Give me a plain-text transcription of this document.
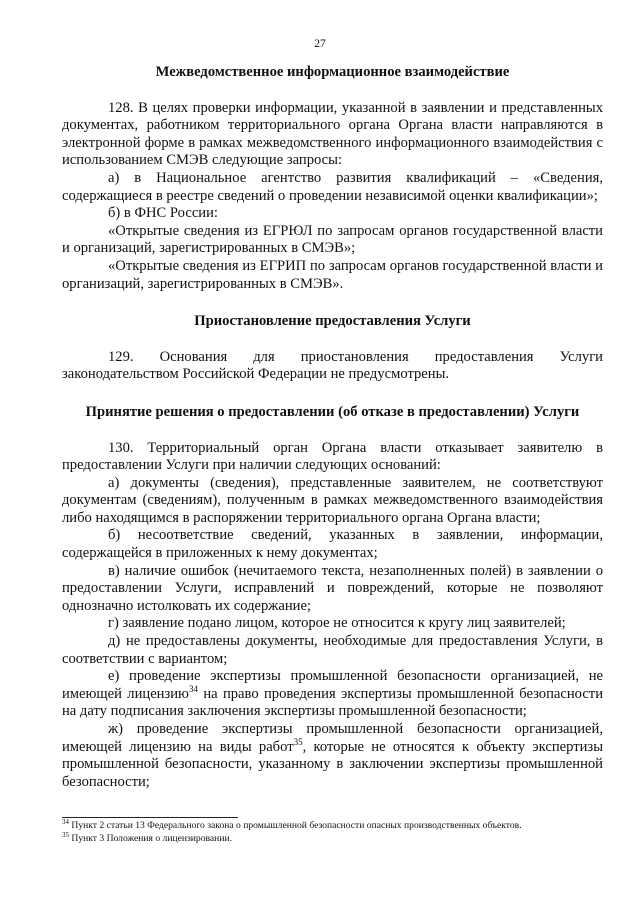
27

Межведомственное информационное взаимодействие

128. В целях проверки информации, указанной в заявлении и представленных документах, работником территориального органа Органа власти направляются в электронной форме в рамках межведомственного информационного взаимодействия с использованием СМЭВ следующие запросы:

а) в Национальное агентство развития квалификаций – «Сведения, содержащиеся в реестре сведений о проведении независимой оценки квалификации»;

б) в ФНС России:

«Открытые сведения из ЕГРЮЛ по запросам органов государственной власти и организаций, зарегистрированных в СМЭВ»;

«Открытые сведения из ЕГРИП по запросам органов государственной власти и организаций, зарегистрированных в СМЭВ».

Приостановление предоставления Услуги

129. Основания для приостановления предоставления Услуги законодательством Российской Федерации не предусмотрены.

Принятие решения о предоставлении (об отказе в предоставлении) Услуги

130. Территориальный орган Органа власти отказывает заявителю в предоставлении Услуги при наличии следующих оснований:

а) документы (сведения), представленные заявителем, не соответствуют документам (сведениям), полученным в рамках межведомственного взаимодействия либо находящимся в распоряжении территориального органа Органа власти;

б) несоответствие сведений, указанных в заявлении, информации, содержащейся в приложенных к нему документах;

в) наличие ошибок (нечитаемого текста, незаполненных полей) в заявлении о предоставлении Услуги, исправлений и повреждений, которые не позволяют однозначно истолковать их содержание;

г) заявление подано лицом, которое не относится к кругу лиц заявителей;

д) не предоставлены документы, необходимые для предоставления Услуги, в соответствии с вариантом;

е) проведение экспертизы промышленной безопасности организацией, не имеющей лицензию$^{34}$ на право проведения экспертизы промышленной безопасности на дату подписания заключения экспертизы промышленной безопасности;

ж) проведение экспертизы промышленной безопасности организацией, имеющей лицензию на виды работ$^{35}$, которые не относятся к объекту экспертизы промышленной безопасности, указанному в заключении экспертизы промышленной безопасности;

$^{34}$ Пункт 2 статьи 13 Федерального закона о промышленной безопасности опасных производственных объектов.

$^{35}$ Пункт 3 Положения о лицензировании.
